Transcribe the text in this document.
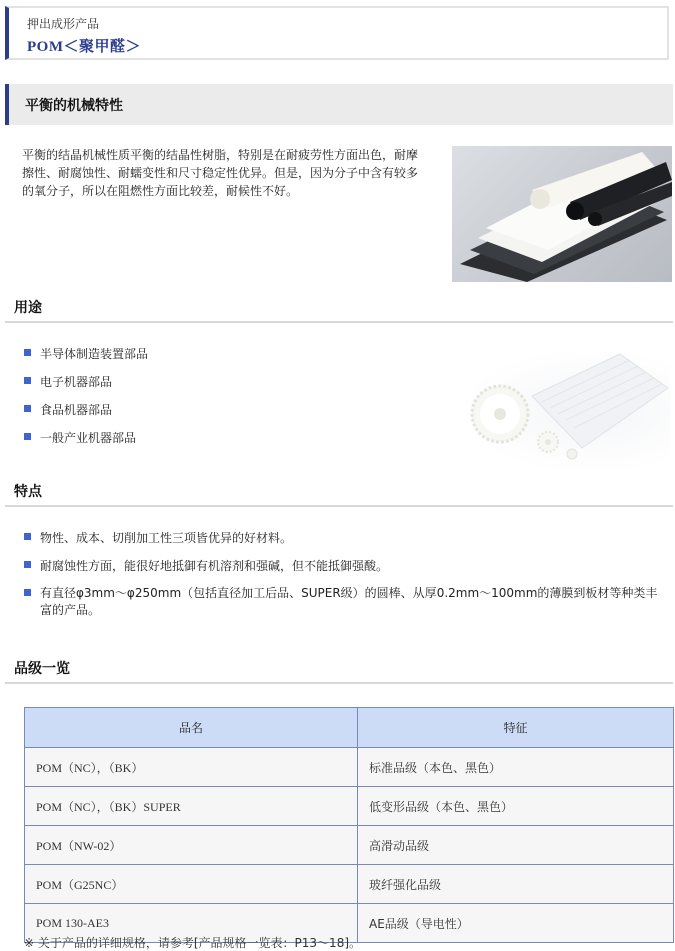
押出成形产品
POM＜聚甲醛＞
平衡的机械特性
平衡的结晶机械性质平衡的结晶性树脂，特别是在耐疲劳性方面出色，耐摩擦性、耐腐蚀性、耐蠕变性和尺寸稳定性优异。但是，因为分子中含有较多的氧分子，所以在阻燃性方面比较差，耐候性不好。
用途
半导体制造装置部品
电子机器部品
食品机器部品
一般产业机器部品
特点
物性、成本、切削加工性三项皆优异的好材料。
耐腐蚀性方面，能很好地抵御有机溶剂和强碱，但不能抵御强酸。
有直径φ3mm～φ250mm（包括直径加工后品、SUPER级）的圆棒、从厚0.2mm～100mm的薄膜到板材等种类丰富的产品。
品级一览
品名	特征
POM（NC），（BK）	标准品级（本色、黑色）
POM（NC），（BK）SUPER	低变形品级（本色、黑色）
POM（NW-02）	高滑动品级
POM（G25NC）	玻纤强化品级
POM 130-AE3	AE品级（导电性）
※ 关于产品的详细规格，请参考[产品规格一览表：P13～18]。
